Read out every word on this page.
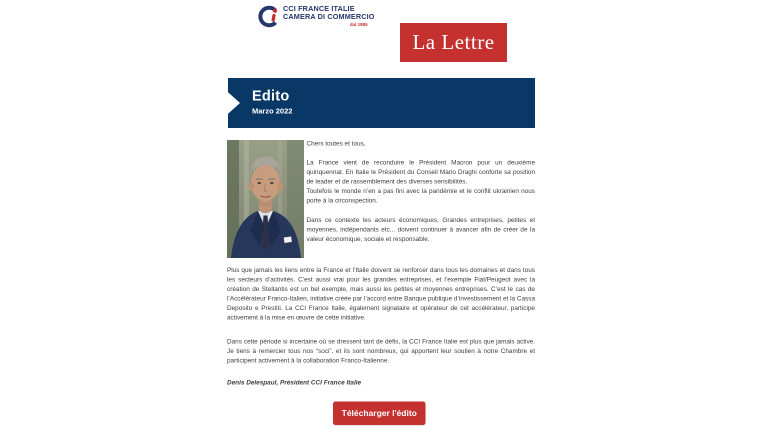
CCI FRANCE ITALIE
CAMERA DI COMMERCIO
dal 1885
La Lettre
Edito
Marzo 2022
Chers toutes et tous,
La France vient de reconduire le Président Macron pour un deuxième quinquennat. En Italie le Président du Conseil Mario Draghi conforte sa position de leader et de rassemblement des diverses sensibilités.
Toutefois le monde n’en a pas fini avec la pandémie et le conflit ukrainien nous porte à la circonspection.
Dans ce contexte les acteurs économiques, Grandes entreprises, petites et moyennes, indépendants etc... doivent continuer à avancer afin de créer de la valeur économique, sociale et responsable.
Plus que jamais les liens entre la France et l’Italie doivent se renforcer dans tous les domaines et dans tous les secteurs d’activités. C’est aussi vrai pour les grandes entreprises, et l’exemple Fiat/Peugeot avec la création de Stellantis est un bel exemple, mais aussi les petites et moyennes entreprises. C’est le cas de l’Accélérateur Franco-Italien, initiative créée par l’accord entre Banque publique d’investissement et la Cassa Deposito e Prestiti. La CCI France Italie, également signataire et opérateur de cet accélérateur, participe activement à la mise en œuvre de cette initiative.
Dans cette période si incertaine où se dressent tant de défis, la CCI France Italie est plus que jamais active. Je tiens à remercier tous nos “soci”, et ils sont nombreux, qui apportent leur soutien à notre Chambre et participent activement à la collaboration Franco-Italienne.
Denis Delespaul, Président CCI France Italie
Télécharger l'édito
